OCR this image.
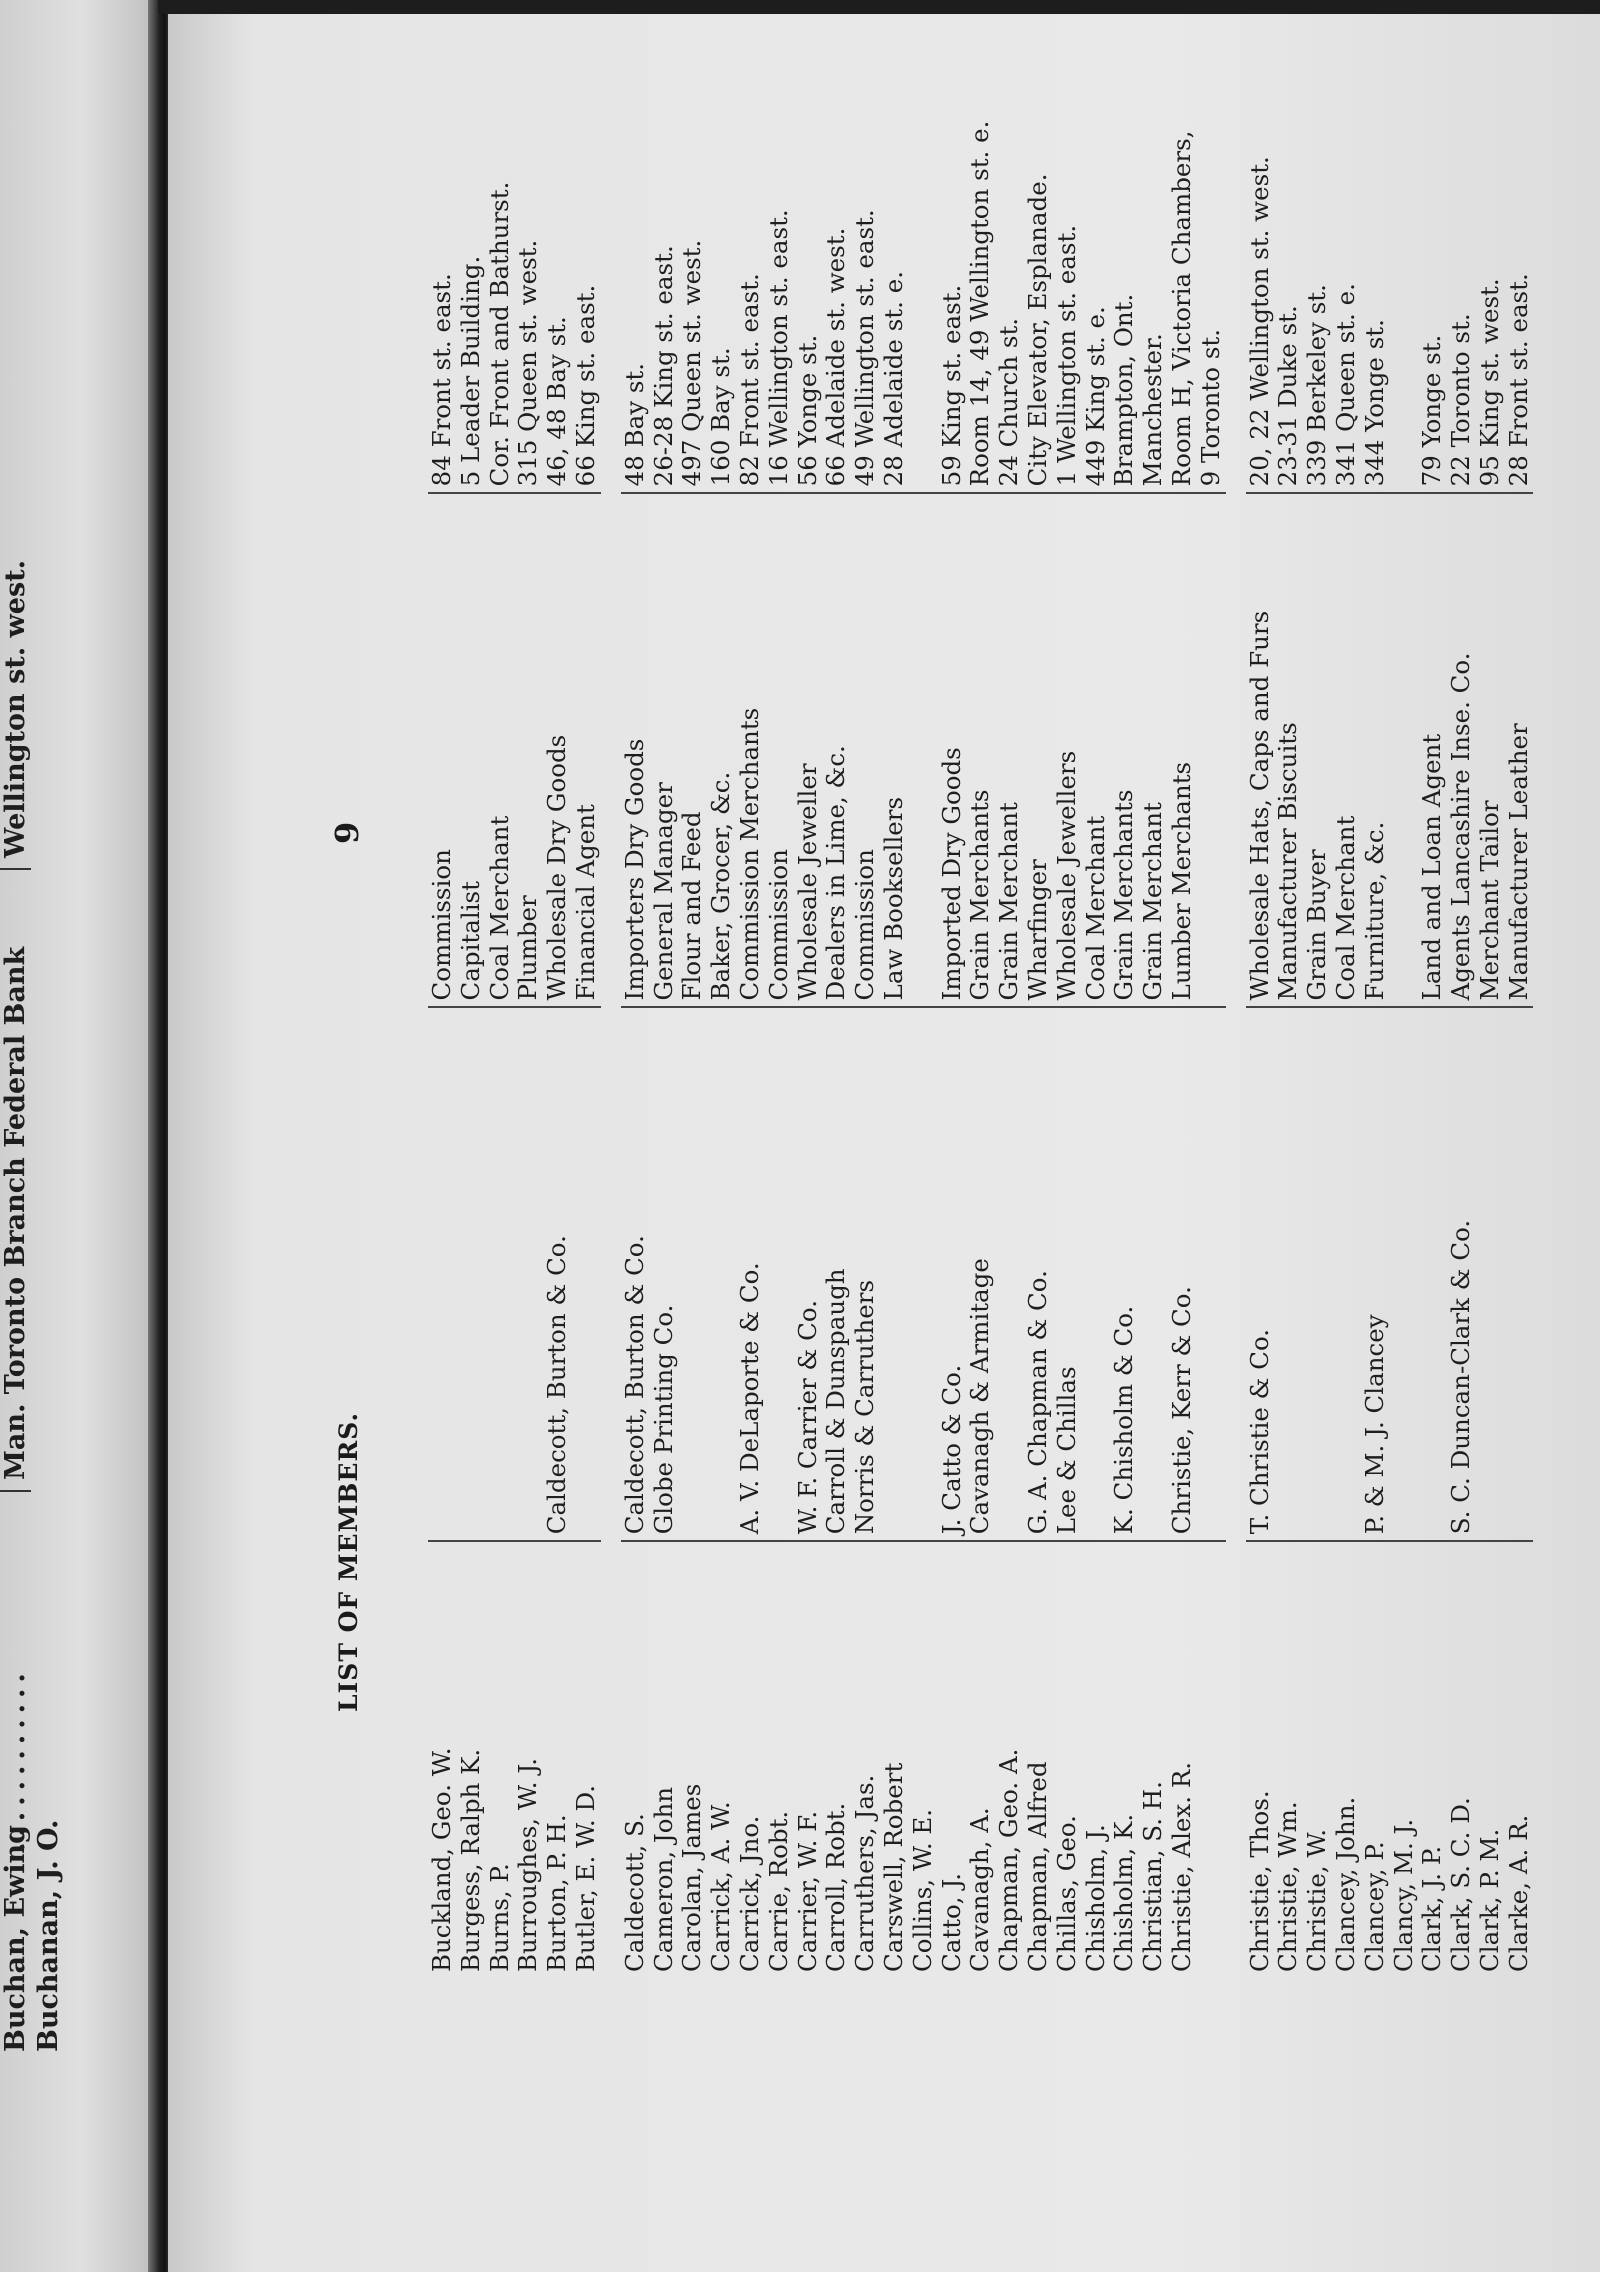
Buchan, Ewing
............
Man. Toronto Branch Federal Bank
Wellington st. west.
Buchanan, J. O.
LIST OF MEMBERS.
9
Buckland, Geo. W.		Commission	84 Front st. east.
Burgess, Ralph K.		Capitalist	5 Leader Building.
Burns, P.		Coal Merchant	Cor. Front and Bathurst.
Burroughes, W. J.		Plumber	315 Queen st. west.
Burton, P. H.	Caldecott, Burton & Co.	Wholesale Dry Goods	46, 48 Bay st.
Butler, E. W. D.		Financial Agent	66 King st. east.

Caldecott, S.	Caldecott, Burton & Co.	Importers Dry Goods	48 Bay st.
Cameron, John	Globe Printing Co.	General Manager	26-28 King st. east.
Carolan, James		Flour and Feed	497 Queen st. west.
Carrick, A. W.		Baker, Grocer, &c.	160 Bay st.
Carrick, Jno.	A. V. DeLaporte & Co.	Commission Merchants	82 Front st. east.
Carrie, Robt.		Commission	16 Wellington st. east.
Carrier, W. F.	W. F. Carrier & Co.	Wholesale Jeweller	56 Yonge st.
Carroll, Robt.	Carroll & Dunspaugh	Dealers in Lime, &c.	66 Adelaide st. west.
Carruthers, Jas.	Norris & Carruthers	Commission	49 Wellington st. east.
Carswell, Robert		Law Booksellers	28 Adelaide st. e.
Collins, W. E.			
Catto, J.	J. Catto & Co.	Imported Dry Goods	59 King st. east.
Cavanagh, A.	Cavanagh & Armitage	Grain Merchants	Room 14, 49 Wellington st. e.
Chapman, Geo. A.		Grain Merchant	24 Church st.
Chapman, Alfred	G. A. Chapman & Co.	Wharfinger	City Elevator, Esplanade.
Chillas, Geo.	Lee & Chillas	Wholesale Jewellers	1 Wellington st. east.
Chisholm, J.		Coal Merchant	449 King st. e.
Chisholm, K.	K. Chisholm & Co.	Grain Merchants	Brampton, Ont.
Christian, S. H.		Grain Merchant	Manchester.
Christie, Alex. R.	Christie, Kerr & Co.	Lumber Merchants	Room H, Victoria Chambers,
			9 Toronto st.

Christie, Thos.	T. Christie & Co.	Wholesale Hats, Caps and Furs	20, 22 Wellington st. west.
Christie, Wm.		Manufacturer Biscuits	23-31 Duke st.
Christie, W.		Grain Buyer	339 Berkeley st.
Clancey, John.		Coal Merchant	341 Queen st. e.
Clancey, P.	P. & M. J. Clancey	Furniture, &c.	344 Yonge st.
Clancy, M. J.			
Clark, J. P.		Land and Loan Agent	79 Yonge st.
Clark, S. C. D.	S. C. Duncan-Clark & Co.	Agents Lancashire Inse. Co.	22 Toronto st.
Clark, P. M.		Merchant Tailor	95 King st. west.
Clarke, A. R.		Manufacturer Leather	28 Front st. east.
